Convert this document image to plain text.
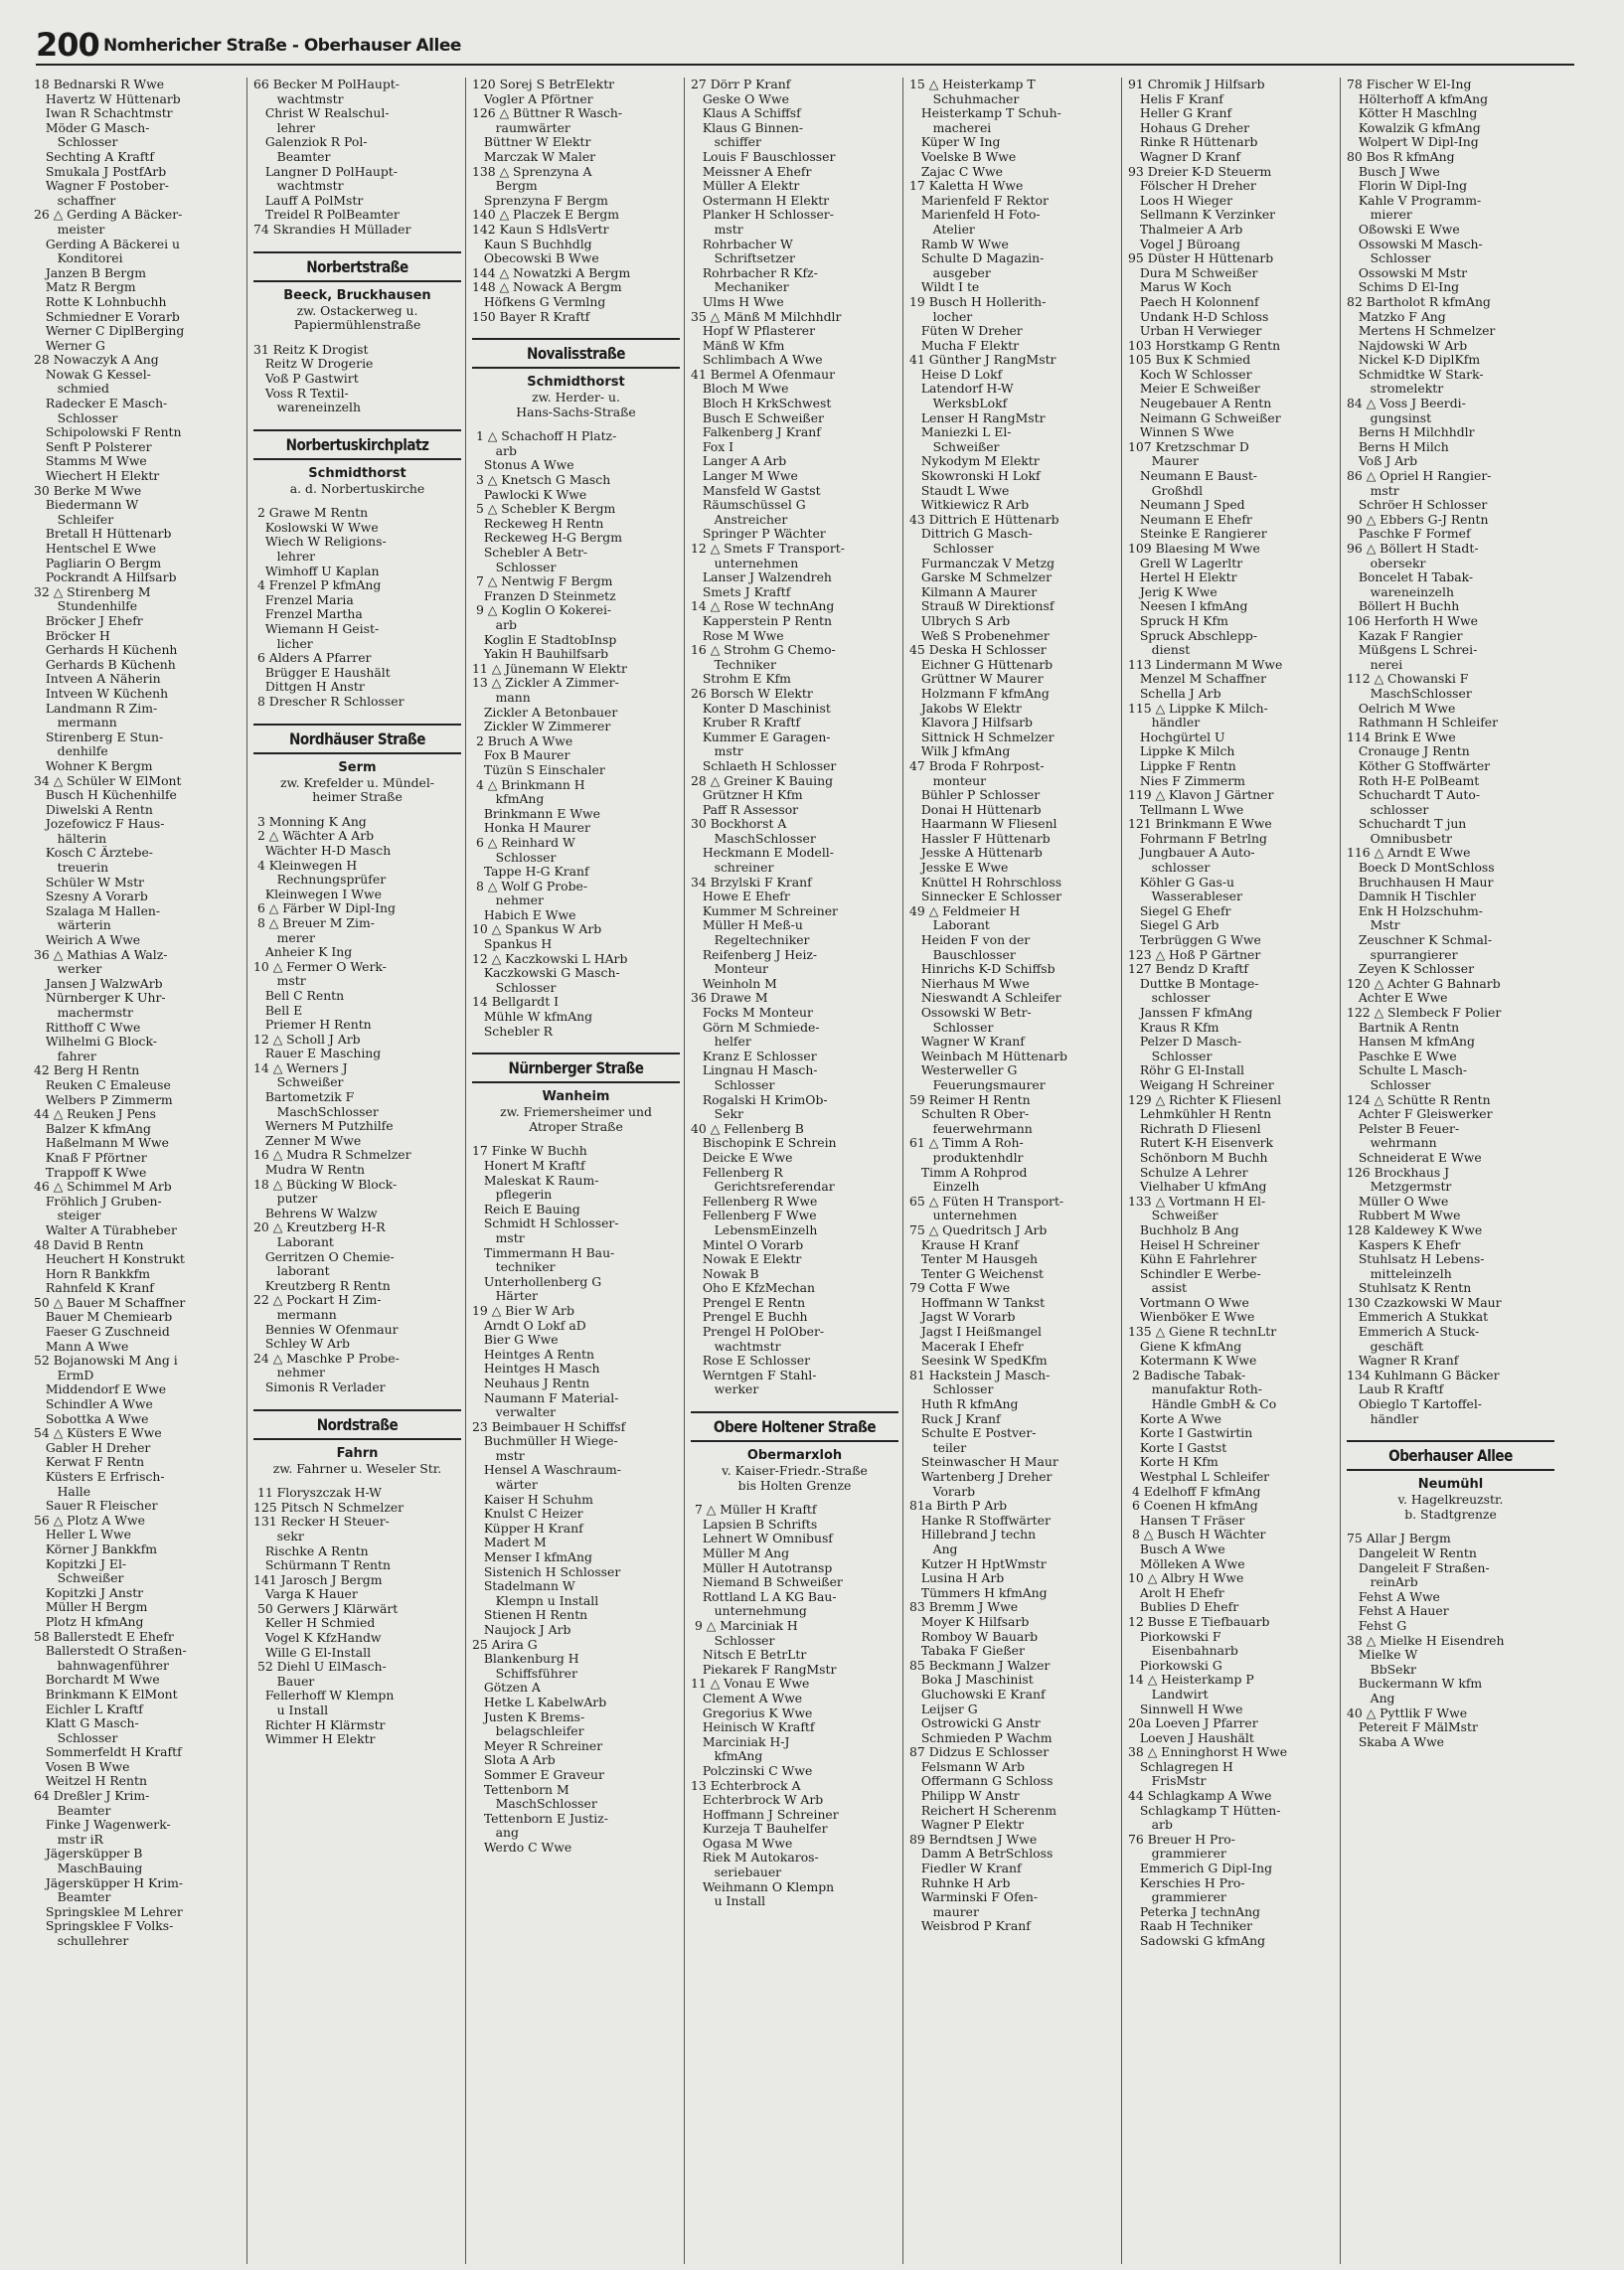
200 Nomhericher Straße - Oberhauser Allee
18 Bednarski R Wwe
Havertz W Hüttenarb
Iwan R Schachtmstr
Möder G Masch-
Schlosser
Sechting A Kraftf
Smukala J PostfArb
Wagner F Postober-
schaffner
26 △ Gerding A Bäcker-
meister
Gerding A Bäckerei u
Konditorei
Janzen B Bergm
Matz R Bergm
Rotte K Lohnbuchh
Schmiedner E Vorarb
Werner C DiplBerging
Werner G
28 Nowaczyk A Ang
Nowak G Kessel-
schmied
Radecker E Masch-
Schlosser
Schipolowski F Rentn
Senft P Polsterer
Stamms M Wwe
Wiechert H Elektr
30 Berke M Wwe
Biedermann W
Schleifer
Bretall H Hüttenarb
Hentschel E Wwe
Pagliarin O Bergm
Pockrandt A Hilfsarb
32 △ Stirenberg M
Stundenhilfe
Bröcker J Ehefr
Bröcker H
Gerhards H Küchenh
Gerhards B Küchenh
Intveen A Näherin
Intveen W Küchenh
Landmann R Zim-
mermann
Stirenberg E Stun-
denhilfe
Wohner K Bergm
34 △ Schüler W ElMont
Busch H Küchenhilfe
Diwelski A Rentn
Jozefowicz F Haus-
hälterin
Kosch C Ärztebe-
treuerin
Schüler W Mstr
Szesny A Vorarb
Szalaga M Hallen-
wärterin
Weirich A Wwe
36 △ Mathias A Walz-
werker
Jansen J WalzwArb
Nürnberger K Uhr-
machermstr
Ritthoff C Wwe
Wilhelmi G Block-
fahrer
42 Berg H Rentn
Reuken C Emaleuse
Welbers P Zimmerm
44 △ Reuken J Pens
Balzer K kfmAng
Haßelmann M Wwe
Knaß F Pförtner
Trappoff K Wwe
46 △ Schimmel M Arb
Fröhlich J Gruben-
steiger
Walter A Türabheber
48 David B Rentn
Heuchert H Konstrukt
Horn R Bankkfm
Rahnfeld K Kranf
50 △ Bauer M Schaffner
Bauer M Chemiearb
Faeser G Zuschneid
Mann A Wwe
52 Bojanowski M Ang i
ErmD
Middendorf E Wwe
Schindler A Wwe
Sobottka A Wwe
54 △ Küsters E Wwe
Gabler H Dreher
Kerwat F Rentn
Küsters E Erfrisch-
Halle
Sauer R Fleischer
56 △ Plotz A Wwe
Heller L Wwe
Körner J Bankkfm
Kopitzki J El-
Schweißer
Kopitzki J Anstr
Müller H Bergm
Plotz H kfmAng
58 Ballerstedt E Ehefr
Ballerstedt O Straßen-
bahnwagenführer
Borchardt M Wwe
Brinkmann K ElMont
Eichler L Kraftf
Klatt G Masch-
Schlosser
Sommerfeldt H Kraftf
Vosen B Wwe
Weitzel H Rentn
64 Dreßler J Krim-
Beamter
Finke J Wagenwerk-
mstr iR
Jägersküpper B
MaschBauing
Jägersküpper H Krim-
Beamter
Springsklee M Lehrer
Springsklee F Volks-
schullehrer
66 Becker M PolHaupt-
wachtmstr
Christ W Realschul-
lehrer
Galenziok R Pol-
Beamter
Langner D PolHaupt-
wachtmstr
Lauff A PolMstr
Treidel R PolBeamter
74 Skrandies H Müllader
Norbertstraße
Beeck, Bruckhausen
zw. Ostackerweg u.
Papiermühlenstraße
31 Reitz K Drogist
Reitz W Drogerie
Voß P Gastwirt
Voss R Textil-
wareneinzelh
Norbertuskirchplatz
Schmidthorst
a. d. Norbertuskirche
2 Grawe M Rentn
Koslowski W Wwe
Wiech W Religions-
lehrer
Wimhoff U Kaplan
4 Frenzel P kfmAng
Frenzel Maria
Frenzel Martha
Wiemann H Geist-
licher
6 Alders A Pfarrer
Brügger E Haushält
Dittgen H Anstr
8 Drescher R Schlosser
Nordhäuser Straße
Serm
zw. Krefelder u. Mündel-
heimer Straße
3 Monning K Ang
2 △ Wächter A Arb
Wächter H-D Masch
4 Kleinwegen H
Rechnungsprüfer
Kleinwegen I Wwe
6 △ Färber W Dipl-Ing
8 △ Breuer M Zim-
merer
Anheier K Ing
10 △ Fermer O Werk-
mstr
Bell C Rentn
Bell E
Priemer H Rentn
12 △ Scholl J Arb
Rauer E Masching
14 △ Werners J
Schweißer
Bartometzik F
MaschSchlosser
Werners M Putzhilfe
Zenner M Wwe
16 △ Mudra R Schmelzer
Mudra W Rentn
18 △ Bücking W Block-
putzer
Behrens W Walzw
20 △ Kreutzberg H-R
Laborant
Gerritzen O Chemie-
laborant
Kreutzberg R Rentn
22 △ Pockart H Zim-
mermann
Bennies W Ofenmaur
Schley W Arb
24 △ Maschke P Probe-
nehmer
Simonis R Verlader
Nordstraße
Fahrn
zw. Fahrner u. Weseler Str.
11 Floryszczak H-W
125 Pitsch N Schmelzer
131 Recker H Steuer-
sekr
Rischke A Rentn
Schürmann T Rentn
141 Jarosch J Bergm
Varga K Hauer
50 Gerwers J Klärwärt
Keller H Schmied
Vogel K KfzHandw
Wille G El-Install
52 Diehl U ElMasch-
Bauer
Fellerhoff W Klempn
u Install
Richter H Klärmstr
Wimmer H Elektr
120 Sorej S BetrElektr
Vogler A Pförtner
126 △ Büttner R Wasch-
raumwärter
Büttner W Elektr
Marczak W Maler
138 △ Sprenzyna A
Bergm
Sprenzyna F Bergm
140 △ Placzek E Bergm
142 Kaun S HdlsVertr
Kaun S Buchhdlg
Obecowski B Wwe
144 △ Nowatzki A Bergm
148 △ Nowack A Bergm
Höfkens G Vermlng
150 Bayer R Kraftf
Novalisstraße
Schmidthorst
zw. Herder- u.
Hans-Sachs-Straße
1 △ Schachoff H Platz-
arb
Stonus A Wwe
3 △ Knetsch G Masch
Pawlocki K Wwe
5 △ Schebler K Bergm
Reckeweg H Rentn
Reckeweg H-G Bergm
Schebler A Betr-
Schlosser
7 △ Nentwig F Bergm
Franzen D Steinmetz
9 △ Koglin O Kokerei-
arb
Koglin E StadtobInsp
Yakin H Bauhilfsarb
11 △ Jünemann W Elektr
13 △ Zickler A Zimmer-
mann
Zickler A Betonbauer
Zickler W Zimmerer
2 Bruch A Wwe
Fox B Maurer
Tüzün S Einschaler
4 △ Brinkmann H
kfmAng
Brinkmann E Wwe
Honka H Maurer
6 △ Reinhard W
Schlosser
Tappe H-G Kranf
8 △ Wolf G Probe-
nehmer
Habich E Wwe
10 △ Spankus W Arb
Spankus H
12 △ Kaczkowski L HArb
Kaczkowski G Masch-
Schlosser
14 Bellgardt I
Mühle W kfmAng
Schebler R
Nürnberger Straße
Wanheim
zw. Friemersheimer und
Atroper Straße
17 Finke W Buchh
Honert M Kraftf
Maleskat K Raum-
pflegerin
Reich E Bauing
Schmidt H Schlosser-
mstr
Timmermann H Bau-
techniker
Unterhollenberg G
Härter
19 △ Bier W Arb
Arndt O Lokf aD
Bier G Wwe
Heintges A Rentn
Heintges H Masch
Neuhaus J Rentn
Naumann F Material-
verwalter
23 Beimbauer H Schiffsf
Buchmüller H Wiege-
mstr
Hensel A Waschraum-
wärter
Kaiser H Schuhm
Knulst C Heizer
Küpper H Kranf
Madert M
Menser I kfmAng
Sistenich H Schlosser
Stadelmann W
Klempn u Install
Stienen H Rentn
Naujock J Arb
25 Arira G
Blankenburg H
Schiffsführer
Götzen A
Hetke L KabelwArb
Justen K Brems-
belagschleifer
Meyer R Schreiner
Slota A Arb
Sommer E Graveur
Tettenborn M
MaschSchlosser
Tettenborn E Justiz-
ang
Werdo C Wwe
27 Dörr P Kranf
Geske O Wwe
Klaus A Schiffsf
Klaus G Binnen-
schiffer
Louis F Bauschlosser
Meissner A Ehefr
Müller A Elektr
Ostermann H Elektr
Planker H Schlosser-
mstr
Rohrbacher W
Schriftsetzer
Rohrbacher R Kfz-
Mechaniker
Ulms H Wwe
35 △ Mänß M Milchhdlr
Hopf W Pflasterer
Mänß W Kfm
Schlimbach A Wwe
41 Bermel A Ofenmaur
Bloch M Wwe
Bloch H KrkSchwest
Busch E Schweißer
Falkenberg J Kranf
Fox I
Langer A Arb
Langer M Wwe
Mansfeld W Gastst
Räumschüssel G
Anstreicher
Springer P Wächter
12 △ Smets F Transport-
unternehmen
Lanser J Walzendreh
Smets J Kraftf
14 △ Rose W technAng
Kapperstein P Rentn
Rose M Wwe
16 △ Strohm G Chemo-
Techniker
Strohm E Kfm
26 Borsch W Elektr
Konter D Maschinist
Kruber R Kraftf
Kummer E Garagen-
mstr
Schlaeth H Schlosser
28 △ Greiner K Bauing
Grützner H Kfm
Paff R Assessor
30 Bockhorst A
MaschSchlosser
Heckmann E Modell-
schreiner
34 Brzylski F Kranf
Howe E Ehefr
Kummer M Schreiner
Müller H Meß-u
Regeltechniker
Reifenberg J Heiz-
Monteur
Weinholn M
36 Drawe M
Focks M Monteur
Görn M Schmiede-
helfer
Kranz E Schlosser
Lingnau H Masch-
Schlosser
Rogalski H KrimOb-
Sekr
40 △ Fellenberg B
Bischopink E Schrein
Deicke E Wwe
Fellenberg R
Gerichtsreferendar
Fellenberg R Wwe
Fellenberg F Wwe
LebensmEinzelh
Mintel O Vorarb
Nowak E Elektr
Nowak B
Oho E KfzMechan
Prengel E Rentn
Prengel E Buchh
Prengel H PolOber-
wachtmstr
Rose E Schlosser
Werntgen F Stahl-
werker
Obere Holtener Straße
Obermarxloh
v. Kaiser-Friedr.-Straße
bis Holten Grenze
7 △ Müller H Kraftf
Lapsien B Schrifts
Lehnert W Omnibusf
Müller M Ang
Müller H Autotransp
Niemand B Schweißer
Rottland L A KG Bau-
unternehmung
9 △ Marciniak H
Schlosser
Nitsch E BetrLtr
Piekarek F RangMstr
11 △ Vonau E Wwe
Clement A Wwe
Gregorius K Wwe
Heinisch W Kraftf
Marciniak H-J
kfmAng
Polczinski C Wwe
13 Echterbrock A
Echterbrock W Arb
Hoffmann J Schreiner
Kurzeja T Bauhelfer
Ogasa M Wwe
Riek M Autokaros-
seriebauer
Weihmann O Klempn
u Install
15 △ Heisterkamp T
Schuhmacher
Heisterkamp T Schuh-
macherei
Küper W Ing
Voelske B Wwe
Zajac C Wwe
17 Kaletta H Wwe
Marienfeld F Rektor
Marienfeld H Foto-
Atelier
Ramb W Wwe
Schulte D Magazin-
ausgeber
Wildt I te
19 Busch H Hollerith-
locher
Füten W Dreher
Mucha F Elektr
41 Günther J RangMstr
Heise D Lokf
Latendorf H-W
WerksbLokf
Lenser H RangMstr
Maniezki L El-
Schweißer
Nykodym M Elektr
Skowronski H Lokf
Staudt L Wwe
Witkiewicz R Arb
43 Dittrich E Hüttenarb
Dittrich G Masch-
Schlosser
Furmanczak V Metzg
Garske M Schmelzer
Kilmann A Maurer
Strauß W Direktionsf
Ulbrych S Arb
Weß S Probenehmer
45 Deska H Schlosser
Eichner G Hüttenarb
Grüttner W Maurer
Holzmann F kfmAng
Jakobs W Elektr
Klavora J Hilfsarb
Sittnick H Schmelzer
Wilk J kfmAng
47 Broda F Rohrpost-
monteur
Bühler P Schlosser
Donai H Hüttenarb
Haarmann W Fliesenl
Hassler F Hüttenarb
Jesske A Hüttenarb
Jesske E Wwe
Knüttel H Rohrschloss
Sinnecker E Schlosser
49 △ Feldmeier H
Laborant
Heiden F von der
Bauschlosser
Hinrichs K-D Schiffsb
Nierhaus M Wwe
Nieswandt A Schleifer
Ossowski W Betr-
Schlosser
Wagner W Kranf
Weinbach M Hüttenarb
Westerweller G
Feuerungsmaurer
59 Reimer H Rentn
Schulten R Ober-
feuerwehrmann
61 △ Timm A Roh-
produktenhdlr
Timm A Rohprod
Einzelh
65 △ Füten H Transport-
unternehmen
75 △ Quedritsch J Arb
Krause H Kranf
Tenter M Hausgeh
Tenter G Weichenst
79 Cotta F Wwe
Hoffmann W Tankst
Jagst W Vorarb
Jagst I Heißmangel
Macerak I Ehefr
Seesink W SpedKfm
81 Hackstein J Masch-
Schlosser
Huth R kfmAng
Ruck J Kranf
Schulte E Postver-
teiler
Steinwascher H Maur
Wartenberg J Dreher
Vorarb
81a Birth P Arb
Hanke R Stoffwärter
Hillebrand J techn
Ang
Kutzer H HptWmstr
Lusina H Arb
Tümmers H kfmAng
83 Bremm J Wwe
Moyer K Hilfsarb
Romboy W Bauarb
Tabaka F Gießer
85 Beckmann J Walzer
Boka J Maschinist
Gluchowski E Kranf
Leijser G
Ostrowicki G Anstr
Schmieden P Wachm
87 Didzus E Schlosser
Felsmann W Arb
Offermann G Schloss
Philipp W Anstr
Reichert H Scherenm
Wagner P Elektr
89 Berndtsen J Wwe
Damm A BetrSchloss
Fiedler W Kranf
Ruhnke H Arb
Warminski F Ofen-
maurer
Weisbrod P Kranf
91 Chromik J Hilfsarb
Helis F Kranf
Heller G Kranf
Hohaus G Dreher
Rinke R Hüttenarb
Wagner D Kranf
93 Dreier K-D Steuerm
Fölscher H Dreher
Loos H Wieger
Sellmann K Verzinker
Thalmeier A Arb
Vogel J Büroang
95 Düster H Hüttenarb
Dura M Schweißer
Marus W Koch
Paech H Kolonnenf
Undank H-D Schloss
Urban H Verwieger
103 Horstkamp G Rentn
105 Bux K Schmied
Koch W Schlosser
Meier E Schweißer
Neugebauer A Rentn
Neimann G Schweißer
Winnen S Wwe
107 Kretzschmar D
Maurer
Neumann E Baust-
Großhdl
Neumann J Sped
Neumann E Ehefr
Steinke E Rangierer
109 Blaesing M Wwe
Grell W Lagerltr
Hertel H Elektr
Jerig K Wwe
Neesen I kfmAng
Spruck H Kfm
Spruck Abschlepp-
dienst
113 Lindermann M Wwe
Menzel M Schaffner
Schella J Arb
115 △ Lippke K Milch-
händler
Hochgürtel U
Lippke K Milch
Lippke F Rentn
Nies F Zimmerm
119 △ Klavon J Gärtner
Tellmann L Wwe
121 Brinkmann E Wwe
Fohrmann F Betrlng
Jungbauer A Auto-
schlosser
Köhler G Gas-u
Wasserableser
Siegel G Ehefr
Siegel G Arb
Terbrüggen G Wwe
123 △ Hoß P Gärtner
127 Bendz D Kraftf
Duttke B Montage-
schlosser
Janssen F kfmAng
Kraus R Kfm
Pelzer D Masch-
Schlosser
Röhr G El-Install
Weigang H Schreiner
129 △ Richter K Fliesenl
Lehmkühler H Rentn
Richrath D Fliesenl
Rutert K-H Eisenverk
Schönborn M Buchh
Schulze A Lehrer
Vielhaber U kfmAng
133 △ Vortmann H El-
Schweißer
Buchholz B Ang
Heisel H Schreiner
Kühn E Fahrlehrer
Schindler E Werbe-
assist
Vortmann O Wwe
Wienböker E Wwe
135 △ Giene R technLtr
Giene K kfmAng
Kotermann K Wwe
2 Badische Tabak-
manufaktur Roth-
Händle GmbH & Co
Korte A Wwe
Korte I Gastwirtin
Korte I Gastst
Korte H Kfm
Westphal L Schleifer
4 Edelhoff F kfmAng
6 Coenen H kfmAng
Hansen T Fräser
8 △ Busch H Wächter
Busch A Wwe
Mölleken A Wwe
10 △ Albry H Wwe
Arolt H Ehefr
Bublies D Ehefr
12 Busse E Tiefbauarb
Piorkowski F
Eisenbahnarb
Piorkowski G
14 △ Heisterkamp P
Landwirt
Sinnwell H Wwe
20a Loeven J Pfarrer
Loeven J Haushält
38 △ Enninghorst H Wwe
Schlagregen H
FrisMstr
44 Schlagkamp A Wwe
Schlagkamp T Hütten-
arb
76 Breuer H Pro-
grammierer
Emmerich G Dipl-Ing
Kerschies H Pro-
grammierer
Peterka J technAng
Raab H Techniker
Sadowski G kfmAng
78 Fischer W El-Ing
Hölterhoff A kfmAng
Kötter H Maschlng
Kowalzik G kfmAng
Wolpert W Dipl-Ing
80 Bos R kfmAng
Busch J Wwe
Florin W Dipl-Ing
Kahle V Programm-
mierer
Oßowski E Wwe
Ossowski M Masch-
Schlosser
Ossowski M Mstr
Schims D El-Ing
82 Bartholot R kfmAng
Matzko F Ang
Mertens H Schmelzer
Najdowski W Arb
Nickel K-D DiplKfm
Schmidtke W Stark-
stromelektr
84 △ Voss J Beerdi-
gungsinst
Berns H Milchhdlr
Berns H Milch
Voß J Arb
86 △ Opriel H Rangier-
mstr
Schröer H Schlosser
90 △ Ebbers G-J Rentn
Paschke F Formef
96 △ Böllert H Stadt-
obersekr
Boncelet H Tabak-
wareneinzelh
Böllert H Buchh
106 Herforth H Wwe
Kazak F Rangier
Müßgens L Schrei-
nerei
112 △ Chowanski F
MaschSchlosser
Oelrich M Wwe
Rathmann H Schleifer
114 Brink E Wwe
Cronauge J Rentn
Köther G Stoffwärter
Roth H-E PolBeamt
Schuchardt T Auto-
schlosser
Schuchardt T jun
Omnibusbetr
116 △ Arndt E Wwe
Boeck D MontSchloss
Bruchhausen H Maur
Damnik H Tischler
Enk H Holzschuhm-
Mstr
Zeuschner K Schmal-
spurrangierer
Zeyen K Schlosser
120 △ Achter G Bahnarb
Achter E Wwe
122 △ Slembeck F Polier
Bartnik A Rentn
Hansen M kfmAng
Paschke E Wwe
Schulte L Masch-
Schlosser
124 △ Schütte R Rentn
Achter F Gleiswerker
Pelster B Feuer-
wehrmann
Schneiderat E Wwe
126 Brockhaus J
Metzgermstr
Müller O Wwe
Rubbert M Wwe
128 Kaldewey K Wwe
Kaspers K Ehefr
Stuhlsatz H Lebens-
mitteleinzelh
Stuhlsatz K Rentn
130 Czazkowski W Maur
Emmerich A Stukkat
Emmerich A Stuck-
geschäft
Wagner R Kranf
134 Kuhlmann G Bäcker
Laub R Kraftf
Obieglo T Kartoffel-
händler
Oberhauser Allee
Neumühl
v. Hagelkreuzstr.
b. Stadtgrenze
75 Allar J Bergm
Dangeleit W Rentn
Dangeleit F Straßen-
reinArb
Fehst A Wwe
Fehst A Hauer
Fehst G
38 △ Mielke H Eisendreh
Mielke W
BbSekr
Buckermann W kfm
Ang
40 △ Pyttlik F Wwe
Petereit F MälMstr
Skaba A Wwe
